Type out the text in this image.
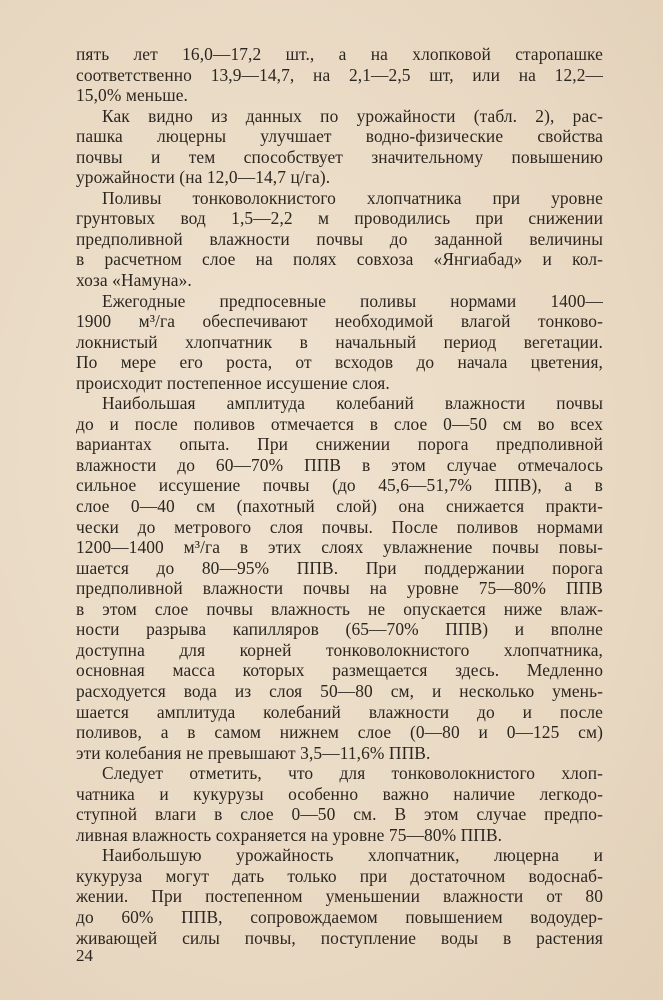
пять лет 16,0—17,2 шт., а на хлопковой старопашке
соответственно 13,9—14,7, на 2,1—2,5 шт, или на 12,2—
15,0% меньше.
Как видно из данных по урожайности (табл. 2), рас-
пашка люцерны улучшает водно-физические свойства
почвы и тем способствует значительному повышению
урожайности (на 12,0—14,7 ц/га).
Поливы тонковолокнистого хлопчатника при уровне
грунтовых вод 1,5—2,2 м проводились при снижении
предполивной влажности почвы до заданной величины
в расчетном слое на полях совхоза «Янгиабад» и кол-
хоза «Намуна».
Ежегодные предпосевные поливы нормами 1400—
1900 м³/га обеспечивают необходимой влагой тонково-
локнистый хлопчатник в начальный период вегетации.
По мере его роста, от всходов до начала цветения,
происходит постепенное иссушение слоя.
Наибольшая амплитуда колебаний влажности почвы
до и после поливов отмечается в слое 0—50 см во всех
вариантах опыта. При снижении порога предполивной
влажности до 60—70% ППВ в этом случае отмечалось
сильное иссушение почвы (до 45,6—51,7% ППВ), а в
слое 0—40 см (пахотный слой) она снижается практи-
чески до метрового слоя почвы. После поливов нормами
1200—1400 м³/га в этих слоях увлажнение почвы повы-
шается до 80—95% ППВ. При поддержании порога
предполивной влажности почвы на уровне 75—80% ППВ
в этом слое почвы влажность не опускается ниже влаж-
ности разрыва капилляров (65—70% ППВ) и вполне
доступна для корней тонковолокнистого хлопчатника,
основная масса которых размещается здесь. Медленно
расходуется вода из слоя 50—80 см, и несколько умень-
шается амплитуда колебаний влажности до и после
поливов, а в самом нижнем слое (0—80 и 0—125 см)
эти колебания не превышают 3,5—11,6% ППВ.
Следует отметить, что для тонковолокнистого хлоп-
чатника и кукурузы особенно важно наличие легкодо-
ступной влаги в слое 0—50 см. В этом случае предпо-
ливная влажность сохраняется на уровне 75—80% ППВ.
Наибольшую урожайность хлопчатник, люцерна и
кукуруза могут дать только при достаточном водоснаб-
жении. При постепенном уменьшении влажности от 80
до 60% ППВ, сопровождаемом повышением водоудер-
живающей силы почвы, поступление воды в растения
24
